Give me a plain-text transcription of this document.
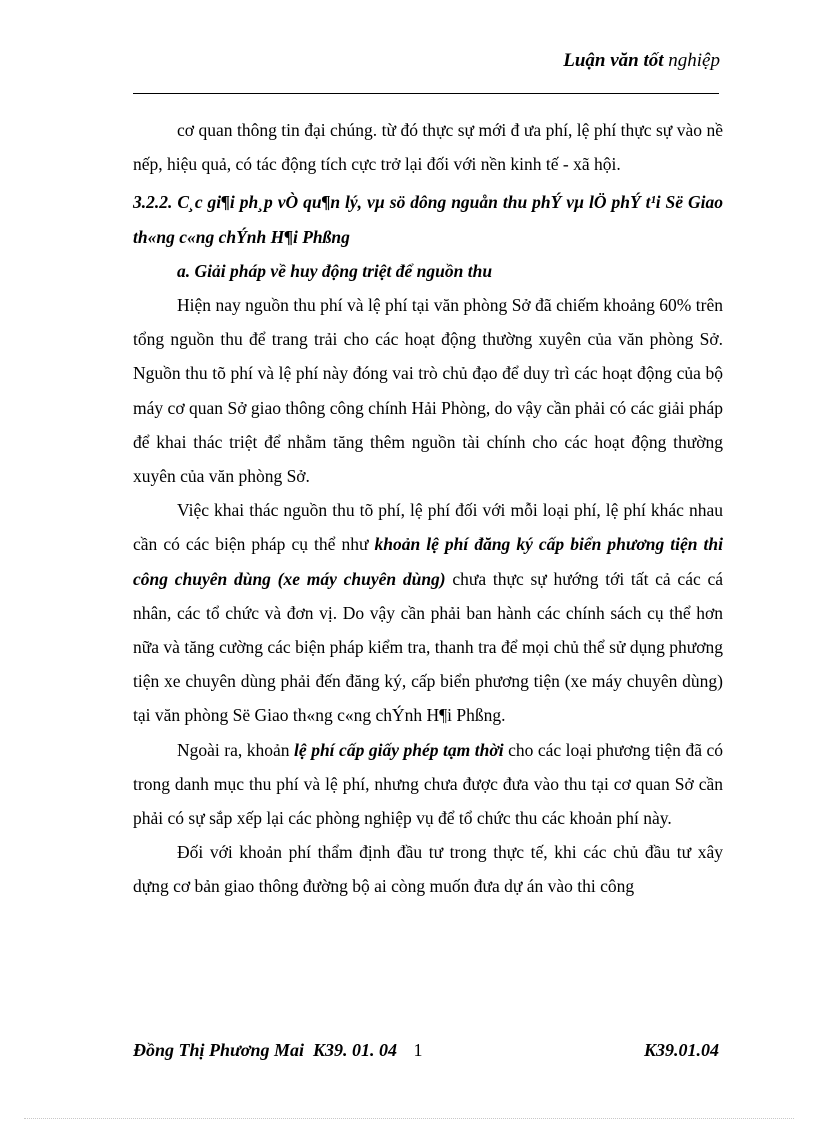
Luận văn tốt nghiệp

cơ quan thông tin đại chúng. từ đó thực sự mới đ ưa phí, lệ phí thực sự vào nề nếp, hiệu quả, có tác động tích cực trở lại đối với nền kinh tế - xã hội.

3.2.2. C¸c gi¶i ph¸p vÒ qu¶n lý, vµ sö dông nguån thu phÝ vµ lÖ phÝ t¹i Së Giao th«ng c«ng chÝnh H¶i Phßng

a. Giải pháp về huy động triệt để nguồn thu

Hiện nay nguồn thu phí và lệ phí tại văn phòng Sở đã chiếm khoảng 60% trên tổng nguồn thu để trang trải cho các hoạt động thường xuyên của văn phòng Sở. Nguồn thu tõ phí và lệ phí này đóng vai trò chủ đạo để duy trì các hoạt động của bộ máy cơ quan Sở giao thông công chính Hải Phòng, do vậy cần phải có các giải pháp để khai thác triệt để nhằm tăng thêm nguồn tài chính cho các hoạt động thường xuyên của văn phòng Sở.

Việc khai thác nguồn thu tõ phí, lệ phí đối với mỗi loại phí, lệ phí khác nhau cần có các biện pháp cụ thể như khoản lệ phí đăng ký cấp biển phương tiện thi công chuyên dùng (xe máy chuyên dùng) chưa thực sự hướng tới tất cả các cá nhân, các tổ chức và đơn vị. Do vậy cần phải ban hành các chính sách cụ thể hơn nữa và tăng cường các biện pháp kiểm tra, thanh tra để mọi chủ thể sử dụng phương tiện xe chuyên dùng phải đến đăng ký, cấp biển phương tiện (xe máy chuyên dùng) tại văn phòng Së Giao th«ng c«ng chÝnh H¶i Phßng.

Ngoài ra, khoản lệ phí cấp giấy phép tạm thời cho các loại phương tiện đã có trong danh mục thu phí và lệ phí, nhưng chưa được đưa vào thu tại cơ quan Sở cần phải có sự sắp xếp lại các phòng nghiệp vụ để tổ chức thu các khoản phí này.

Đối với khoản phí thẩm định đầu tư trong thực tế, khi các chủ đầu tư xây dựng cơ bản giao thông đường bộ ai còng muốn đưa dự án vào thi công

Đồng Thị Phương Mai K39. 01. 04 1	K39.01.04
